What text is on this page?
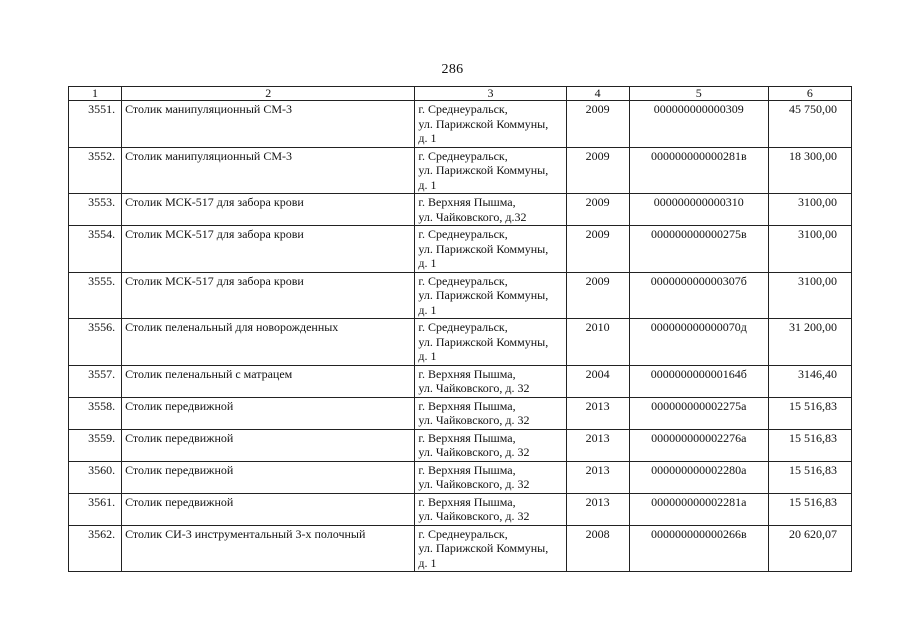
286
1	2	3	4	5	6
3551.	Столик манипуляционный СМ-3	г. Среднеуральск,
ул. Парижской Коммуны,
д. 1	2009	000000000000309	45 750,00
3552.	Столик манипуляционный СМ-3	г. Среднеуральск,
ул. Парижской Коммуны,
д. 1	2009	000000000000281в	18 300,00
3553.	Столик МСК-517 для забора крови	г. Верхняя Пышма,
ул. Чайковского, д.32	2009	000000000000310	3100,00
3554.	Столик МСК-517 для забора крови	г. Среднеуральск,
ул. Парижской Коммуны,
д. 1	2009	000000000000275в	3100,00
3555.	Столик МСК-517 для забора крови	г. Среднеуральск,
ул. Парижской Коммуны,
д. 1	2009	000000000000307б	3100,00
3556.	Столик пеленальный для новорожденных	г. Среднеуральск,
ул. Парижской Коммуны,
д. 1	2010	000000000000070д	31 200,00
3557.	Столик пеленальный с матрацем	г. Верхняя Пышма,
ул. Чайковского, д. 32	2004	000000000000164б	3146,40
3558.	Столик передвижной	г. Верхняя Пышма,
ул. Чайковского, д. 32	2013	000000000002275а	15 516,83
3559.	Столик передвижной	г. Верхняя Пышма,
ул. Чайковского, д. 32	2013	000000000002276а	15 516,83
3560.	Столик передвижной	г. Верхняя Пышма,
ул. Чайковского, д. 32	2013	000000000002280а	15 516,83
3561.	Столик передвижной	г. Верхняя Пышма,
ул. Чайковского, д. 32	2013	000000000002281а	15 516,83
3562.	Столик СИ-3 инструментальный 3-х полочный	г. Среднеуральск,
ул. Парижской Коммуны,
д. 1	2008	000000000000266в	20 620,07
